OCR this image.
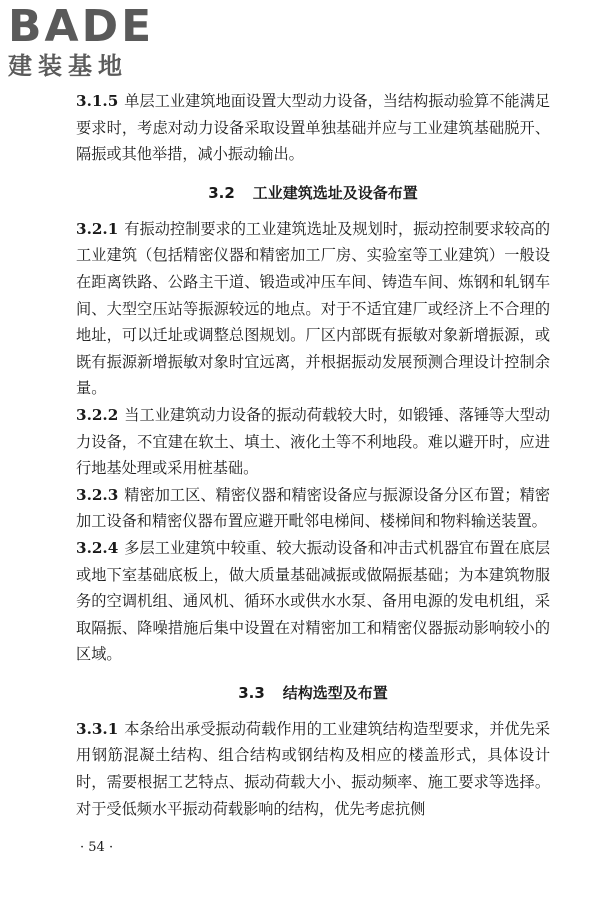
BADE
建装基地

3.1.5 单层工业建筑地面设置大型动力设备，当结构振动验算不能满足要求时，考虑对动力设备采取设置单独基础并应与工业建筑基础脱开、隔振或其他举措，减小振动输出。

3.2 工业建筑选址及设备布置

3.2.1 有振动控制要求的工业建筑选址及规划时，振动控制要求较高的工业建筑（包括精密仪器和精密加工厂房、实验室等工业建筑）一般设在距离铁路、公路主干道、锻造或冲压车间、铸造车间、炼钢和轧钢车间、大型空压站等振源较远的地点。对于不适宜建厂或经济上不合理的地址，可以迁址或调整总图规划。厂区内部既有振敏对象新增振源，或既有振源新增振敏对象时宜远离，并根据振动发展预测合理设计控制余量。

3.2.2 当工业建筑动力设备的振动荷载较大时，如锻锤、落锤等大型动力设备，不宜建在软土、填土、液化土等不利地段。难以避开时，应进行地基处理或采用桩基础。

3.2.3 精密加工区、精密仪器和精密设备应与振源设备分区布置；精密加工设备和精密仪器布置应避开毗邻电梯间、楼梯间和物料输送装置。

3.2.4 多层工业建筑中较重、较大振动设备和冲击式机器宜布置在底层或地下室基础底板上，做大质量基础减振或做隔振基础；为本建筑物服务的空调机组、通风机、循环水或供水水泵、备用电源的发电机组，采取隔振、降噪措施后集中设置在对精密加工和精密仪器振动影响较小的区域。

3.3 结构选型及布置

3.3.1 本条给出承受振动荷载作用的工业建筑结构造型要求，并优先采用钢筋混凝土结构、组合结构或钢结构及相应的楼盖形式，具体设计时，需要根据工艺特点、振动荷载大小、振动频率、施工要求等选择。对于受低频水平振动荷载影响的结构，优先考虑抗侧

· 54 ·
